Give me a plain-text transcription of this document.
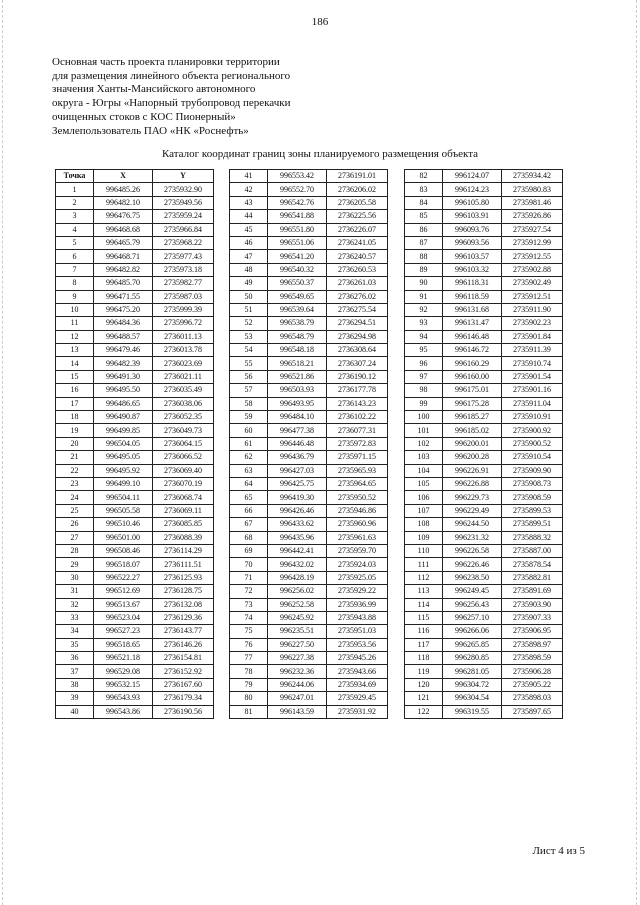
186
Основная часть проекта планировки территории
для размещения линейного объекта регионального
значения Ханты-Мансийского автономного
округа - Югры «Напорный трубопровод перекачки
очищенных стоков с КОС Пионерный»
Землепользователь ПАО «НК «Роснефть»
Каталог координат границ зоны планируемого размещения объекта
Точка	X	Y
1	996485.26	2735932.90
2	996482.10	2735949.56
3	996476.75	2735959.24
4	996468.68	2735966.84
5	996465.79	2735968.22
6	996468.71	2735977.43
7	996482.82	2735973.18
8	996485.70	2735982.77
9	996471.55	2735987.03
10	996475.20	2735999.39
11	996484.36	2735996.72
12	996488.57	2736011.13
13	996479.46	2736013.78
14	996482.39	2736023.69
15	996491.30	2736021.11
16	996495.50	2736035.49
17	996486.65	2736038.06
18	996490.87	2736052.35
19	996499.85	2736049.73
20	996504.05	2736064.15
21	996495.05	2736066.52
22	996495.92	2736069.40
23	996499.10	2736070.19
24	996504.11	2736068.74
25	996505.58	2736069.11
26	996510.46	2736085.85
27	996501.00	2736088.39
28	996508.46	2736114.29
29	996518.07	2736111.51
30	996522.27	2736125.93
31	996512.69	2736128.75
32	996513.67	2736132.08
33	996523.04	2736129.36
34	996527.23	2736143.77
35	996518.65	2736146.26
36	996521.18	2736154.81
37	996529.08	2736152.92
38	996532.15	2736167.60
39	996543.93	2736179.34
40	996543.86	2736190.56
41	996553.42	2736191.01
42	996552.70	2736206.02
43	996542.76	2736205.58
44	996541.88	2736225.56
45	996551.80	2736226.07
46	996551.06	2736241.05
47	996541.20	2736240.57
48	996540.32	2736260.53
49	996550.37	2736261.03
50	996549.65	2736276.02
51	996539.64	2736275.54
52	996538.79	2736294.51
53	996548.79	2736294.98
54	996548.18	2736308.64
55	996518.21	2736307.24
56	996521.86	2736190.12
57	996503.93	2736177.78
58	996493.95	2736143.23
59	996484.10	2736102.22
60	996477.38	2736077.31
61	996446.48	2735972.83
62	996436.79	2735971.15
63	996427.03	2735965.93
64	996425.75	2735964.65
65	996419.30	2735950.52
66	996426.46	2735946.86
67	996433.62	2735960.96
68	996435.96	2735961.63
69	996442.41	2735959.70
70	996432.02	2735924.03
71	996428.19	2735925.05
72	996256.02	2735929.22
73	996252.58	2735936.99
74	996245.92	2735943.88
75	996235.51	2735951.03
76	996227.50	2735953.56
77	996227.38	2735945.26
78	996232.36	2735943.66
79	996244.06	2735934.69
80	996247.01	2735929.45
81	996143.59	2735931.92
82	996124.07	2735934.42
83	996124.23	2735980.83
84	996105.80	2735981.46
85	996103.91	2735926.86
86	996093.76	2735927.54
87	996093.56	2735912.99
88	996103.57	2735912.55
89	996103.32	2735902.88
90	996118.31	2735902.49
91	996118.59	2735912.51
92	996131.68	2735911.90
93	996131.47	2735902.23
94	996146.48	2735901.84
95	996146.72	2735911.39
96	996160.29	2735910.74
97	996160.00	2735901.54
98	996175.01	2735901.16
99	996175.28	2735911.04
100	996185.27	2735910.91
101	996185.02	2735900.92
102	996200.01	2735900.52
103	996200.28	2735910.54
104	996226.91	2735909.90
105	996226.88	2735908.73
106	996229.73	2735908.59
107	996229.49	2735899.53
108	996244.50	2735899.51
109	996231.32	2735888.32
110	996226.58	2735887.00
111	996226.46	2735878.54
112	996238.50	2735882.81
113	996249.45	2735891.69
114	996256.43	2735903.90
115	996257.10	2735907.33
116	996266.06	2735906.95
117	996265.85	2735898.97
118	996280.85	2735898.59
119	996281.05	2735906.28
120	996304.72	2735905.22
121	996304.54	2735898.03
122	996319.55	2735897.65
Лист 4 из 5
